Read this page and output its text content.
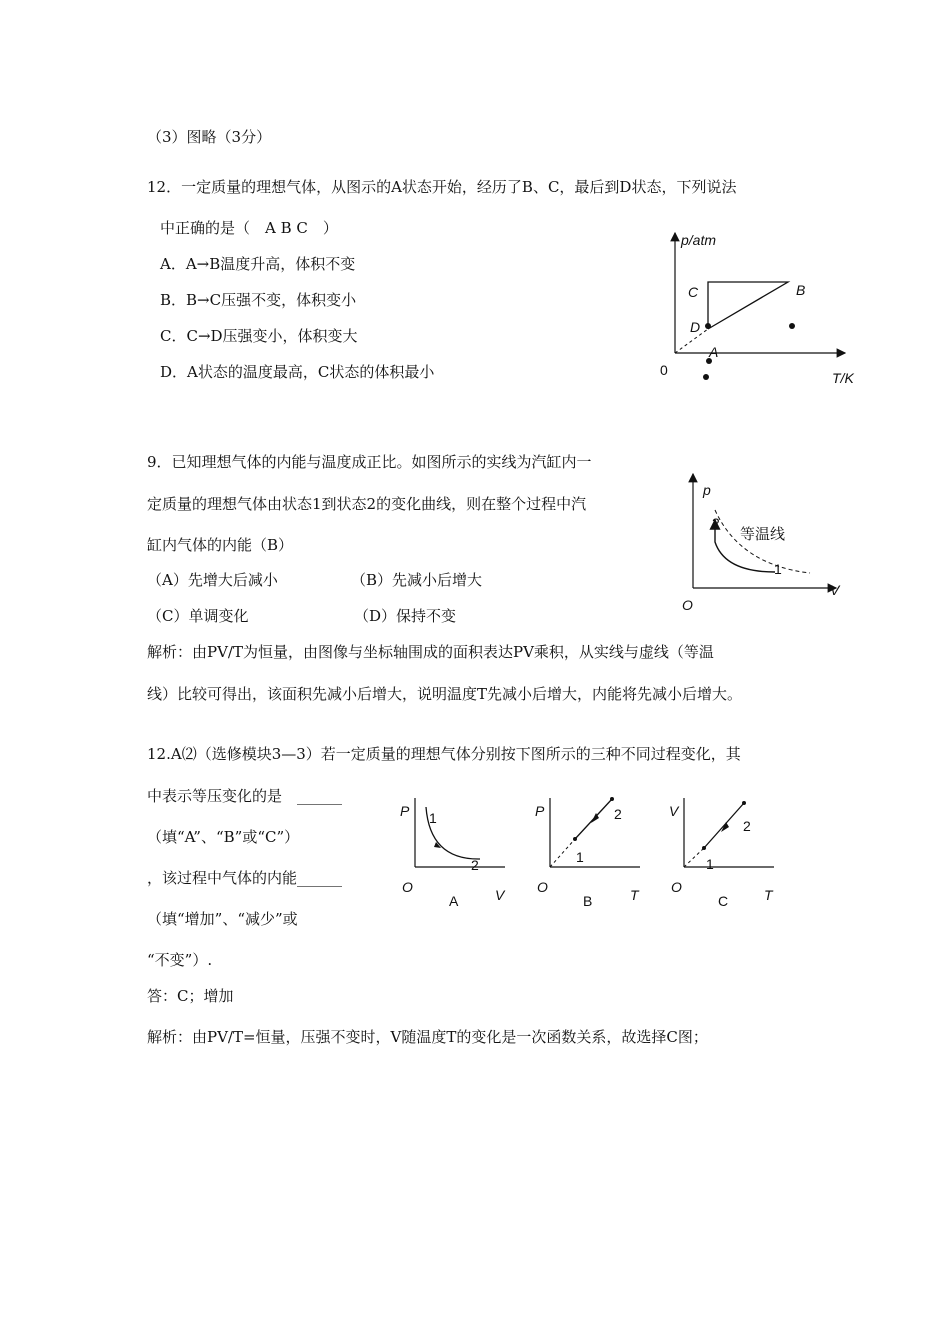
（3）图略（3分）
12．一定质量的理想气体，从图示的A状态开始，经历了B、C，最后到D状态，下列说法
中正确的是（　A B C　）
A．A→B温度升高，体积不变
B．B→C压强不变，体积变小
C．C→D压强变小，体积变大
D．A状态的温度最高，C状态的体积最小
p/atm
T/K
0
A
B
C
D
9．已知理想气体的内能与温度成正比。如图所示的实线为汽缸内一
定质量的理想气体由状态1到状态2的变化曲线，则在整个过程中汽
缸内气体的内能（B）
（A）先增大后减小	（B）先减小后增大
（C）单调变化	（D）保持不变
解析：由PV/T为恒量，由图像与坐标轴围成的面积表达PV乘积，从实线与虚线（等温
线）比较可得出，该面积先减小后增大，说明温度T先减小后增大，内能将先减小后增大。
p
V
O
等温线
1
2
12.A⑵（选修模块3—3）若一定质量的理想气体分别按下图所示的三种不同过程变化，其
中表示等压变化的是　______
（填“A”、“B”或“C”）
，该过程中气体的内能______
（填“增加”、“减少”或
“不变”）.
答：C；增加
解析：由PV/T=恒量，压强不变时，V随温度T的变化是一次函数关系，故选择C图；
P
V
O
1
2
A
P
T
O
1
2
B
V
T
O
1
2
C
